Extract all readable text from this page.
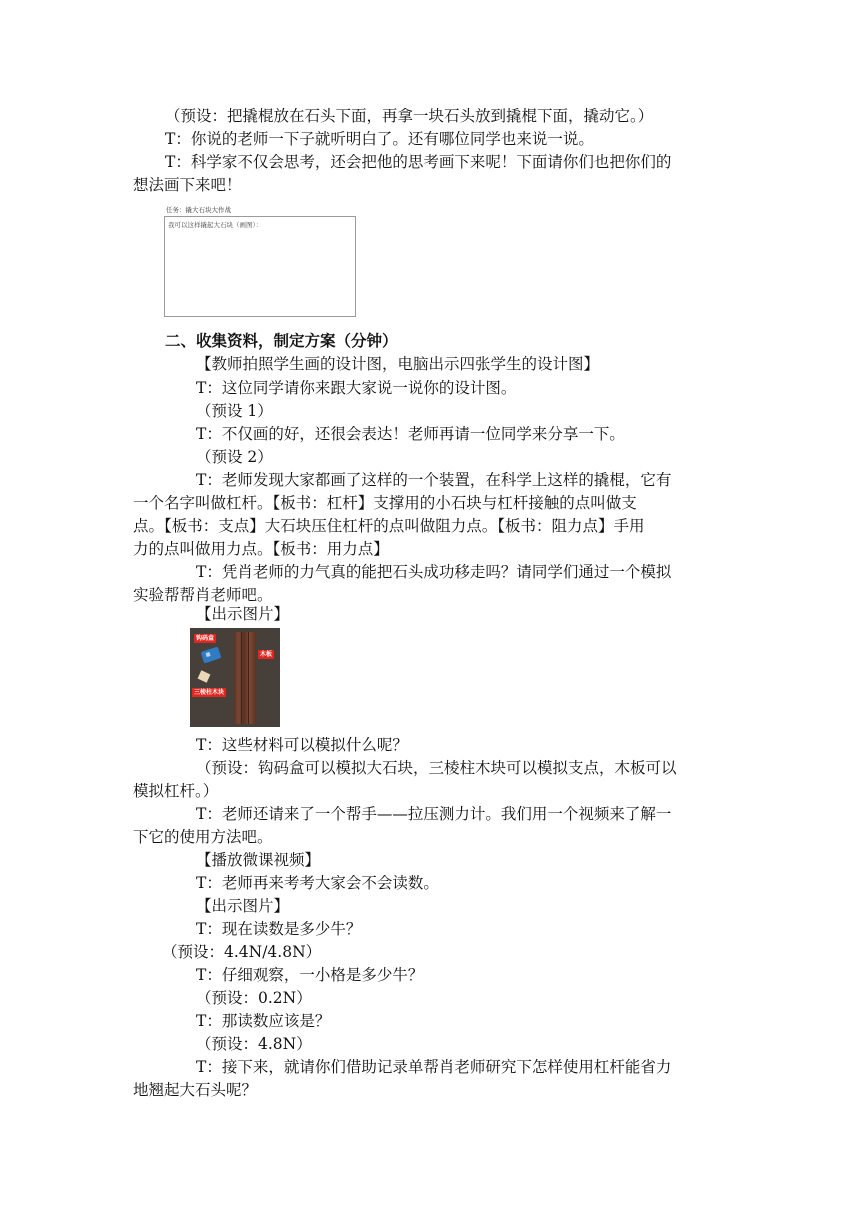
（预设：把撬棍放在石头下面，再拿一块石头放到撬棍下面，撬动它。）
T：你说的老师一下子就听明白了。还有哪位同学也来说一说。
T：科学家不仅会思考，还会把他的思考画下来呢！下面请你们也把你们的
想法画下来吧！
任务：撬大石块大作战
我可以这样撬起大石块（画图）：
二、收集资料，制定方案（分钟）
【教师拍照学生画的设计图，电脑出示四张学生的设计图】
T：这位同学请你来跟大家说一说你的设计图。
（预设 1）
T：不仅画的好，还很会表达！老师再请一位同学来分享一下。
（预设 2）
T：老师发现大家都画了这样的一个装置，在科学上这样的撬棍，它有
一个名字叫做杠杆。【板书：杠杆】支撑用的小石块与杠杆接触的点叫做支
点。【板书：支点】大石块压住杠杆的点叫做阻力点。【板书：阻力点】手用
力的点叫做用力点。【板书：用力点】
T：凭肖老师的力气真的能把石头成功移走吗？请同学们通过一个模拟
实验帮帮肖老师吧。
【出示图片】
▦
钩码盒
木板
三棱柱木块
T：这些材料可以模拟什么呢？
（预设：钩码盒可以模拟大石块，三棱柱木块可以模拟支点，木板可以
模拟杠杆。）
T：老师还请来了一个帮手——拉压测力计。我们用一个视频来了解一
下它的使用方法吧。
【播放微课视频】
T：老师再来考考大家会不会读数。
【出示图片】
T：现在读数是多少牛？
（预设：4.4N/4.8N）
T：仔细观察，一小格是多少牛？
（预设：0.2N）
T：那读数应该是？
（预设：4.8N）
T：接下来，就请你们借助记录单帮肖老师研究下怎样使用杠杆能省力
地翘起大石头呢？
